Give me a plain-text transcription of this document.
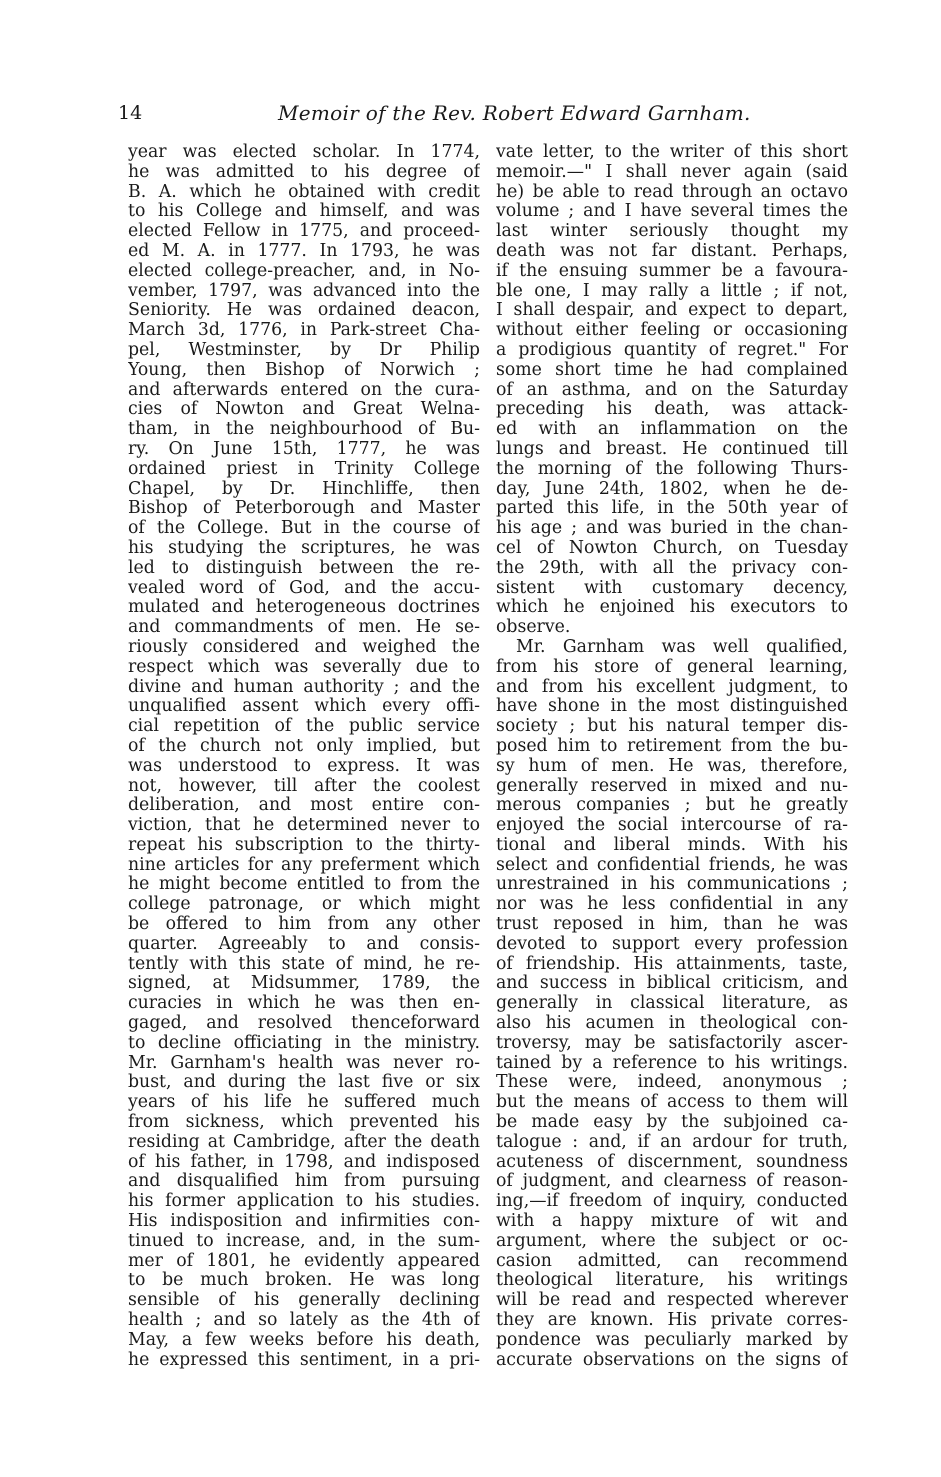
14	Memoir of the Rev. Robert Edward Garnham.
year was elected scholar. In 1774,
he was admitted to his degree of
B. A. which he obtained with credit
to his College and himself, and was
elected Fellow in 1775, and proceed-
ed M. A. in 1777. In 1793, he was
elected college-preacher, and, in No-
vember, 1797, was advanced into the
Seniority. He was ordained deacon,
March 3d, 1776, in Park-street Cha-
pel, Westminster, by Dr Philip
Young, then Bishop of Norwich ;
and afterwards entered on the cura-
cies of Nowton and Great Welna-
tham, in the neighbourhood of Bu-
ry. On June 15th, 1777, he was
ordained priest in Trinity College
Chapel, by Dr. Hinchliffe, then
Bishop of Peterborough and Master
of the College. But in the course of
his studying the scriptures, he was
led to distinguish between the re-
vealed word of God, and the accu-
mulated and heterogeneous doctrines
and commandments of men. He se-
riously considered and weighed the
respect which was severally due to
divine and human authority ; and the
unqualified assent which every offi-
cial repetition of the public service
of the church not only implied, but
was understood to express. It was
not, however, till after the coolest
deliberation, and most entire con-
viction, that he determined never to
repeat his subscription to the thirty-
nine articles for any preferment which
he might become entitled to from the
college patronage, or which might
be offered to him from any other
quarter. Agreeably to and consis-
tently with this state of mind, he re-
signed, at Midsummer, 1789, the
curacies in which he was then en-
gaged, and resolved thenceforward
to decline officiating in the ministry.
Mr. Garnham's health was never ro-
bust, and during the last five or six
years of his life he suffered much
from sickness, which prevented his
residing at Cambridge, after the death
of his father, in 1798, and indisposed
and disqualified him from pursuing
his former application to his studies.
His indisposition and infirmities con-
tinued to increase, and, in the sum-
mer of 1801, he evidently appeared
to be much broken. He was long
sensible of his generally declining
health ; and so lately as the 4th of
May, a few weeks before his death,
he expressed this sentiment, in a pri-
vate letter, to the writer of this short
memoir.—" I shall never again (said
he) be able to read through an octavo
volume ; and I have several times the
last winter seriously thought my
death was not far distant. Perhaps,
if the ensuing summer be a favoura-
ble one, I may rally a little ; if not,
I shall despair, and expect to depart,
without either feeling or occasioning
a prodigious quantity of regret." For
some short time he had complained
of an asthma, and on the Saturday
preceding his death, was attack-
ed with an inflammation on the
lungs and breast. He continued till
the morning of the following Thurs-
day, June 24th, 1802, when he de-
parted this life, in the 50th year of
his age ; and was buried in the chan-
cel of Nowton Church, on Tuesday
the 29th, with all the privacy con-
sistent with customary decency,
which he enjoined his executors to
observe.
Mr. Garnham was well qualified,
from his store of general learning,
and from his excellent judgment, to
have shone in the most distinguished
society ; but his natural temper dis-
posed him to retirement from the bu-
sy hum of men. He was, therefore,
generally reserved in mixed and nu-
merous companies ; but he greatly
enjoyed the social intercourse of ra-
tional and liberal minds. With his
select and confidential friends, he was
unrestrained in his communications ;
nor was he less confidential in any
trust reposed in him, than he was
devoted to support every profession
of friendship. His attainments, taste,
and success in biblical criticism, and
generally in classical literature, as
also his acumen in theological con-
troversy, may be satisfactorily ascer-
tained by a reference to his writings.
These were, indeed, anonymous ;
but the means of access to them will
be made easy by the subjoined ca-
talogue : and, if an ardour for truth,
acuteness of discernment, soundness
of judgment, and clearness of reason-
ing,—if freedom of inquiry, conducted
with a happy mixture of wit and
argument, where the subject or oc-
casion admitted, can recommend
theological literature, his writings
will be read and respected wherever
they are known. His private corres-
pondence was peculiarly marked by
accurate observations on the signs of
